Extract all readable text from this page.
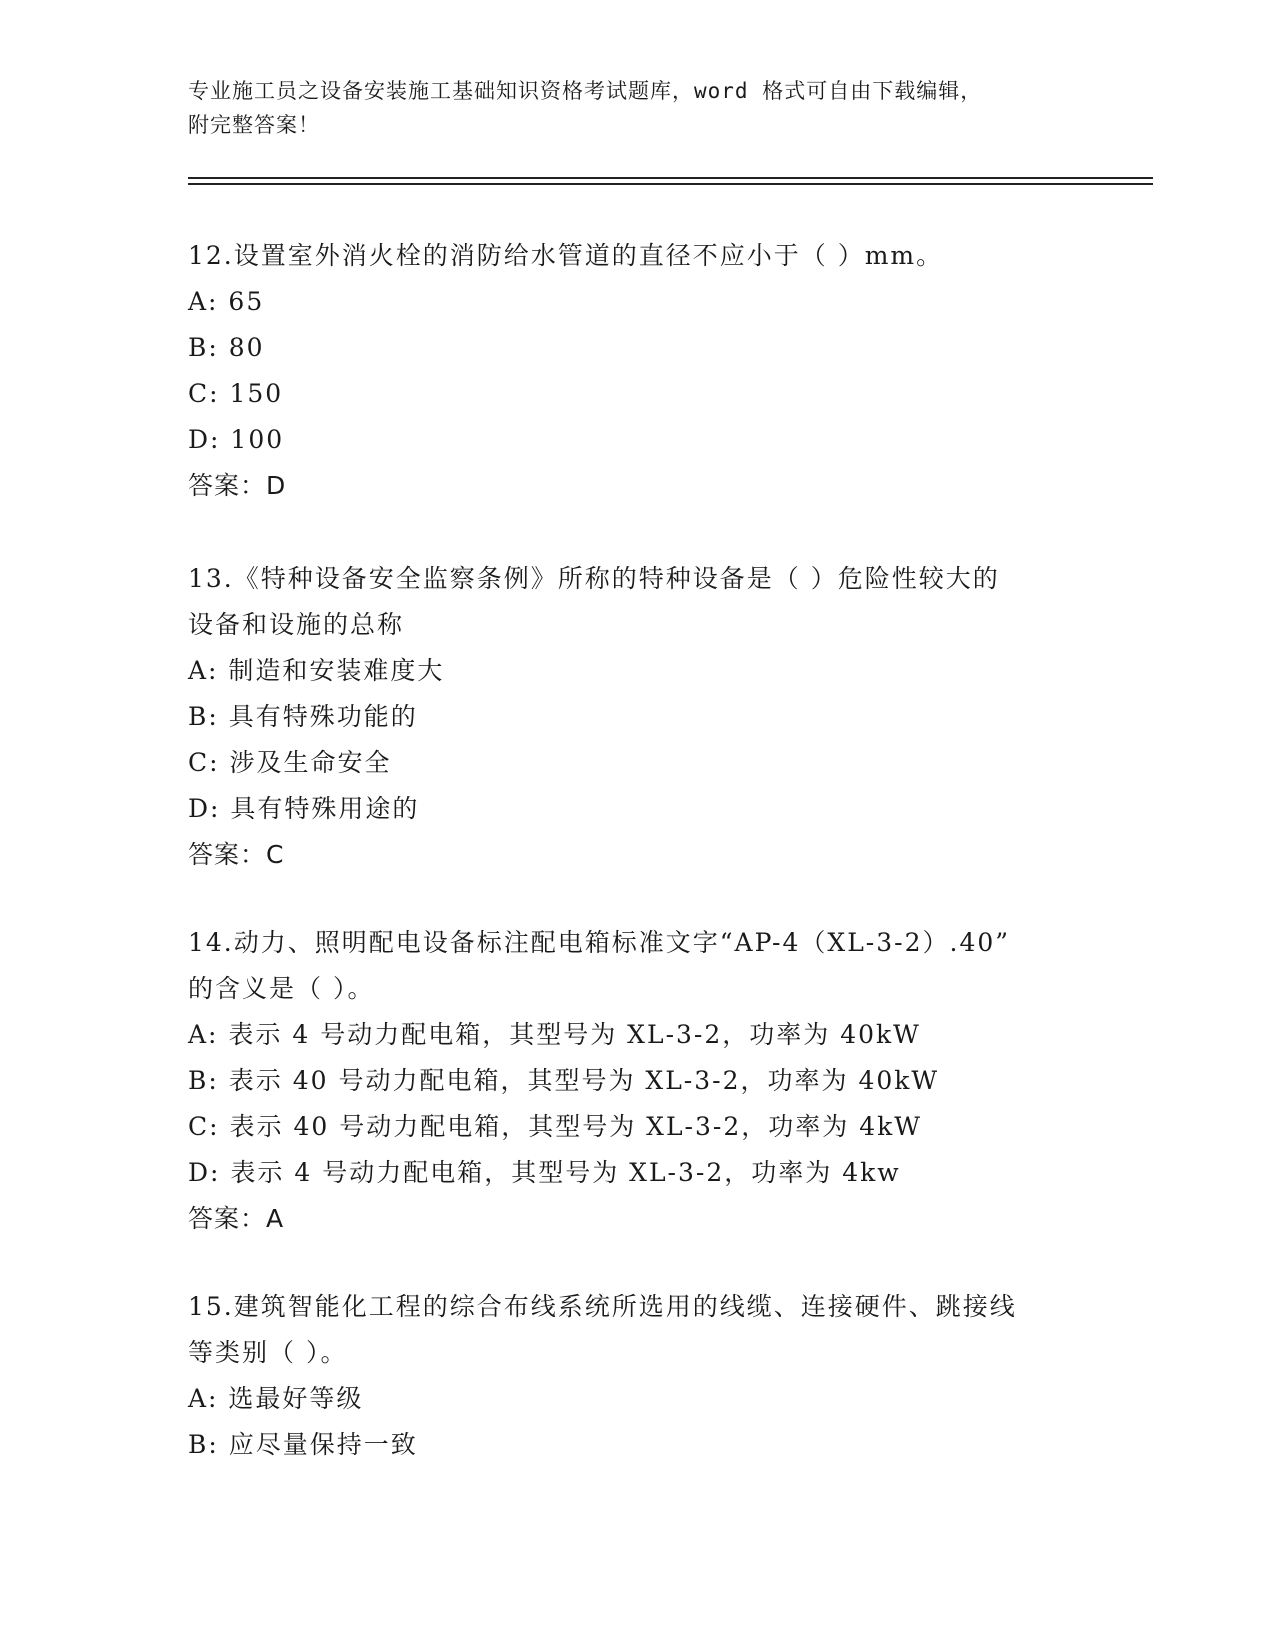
专业施工员之设备安装施工基础知识资格考试题库，word 格式可自由下载编辑，
附完整答案！
12.设置室外消火栓的消防给水管道的直径不应小于（ ）mm。
A: 65
B: 80
C: 150
D: 100
答案：D
13.《特种设备安全监察条例》所称的特种设备是（ ）危险性较大的
设备和设施的总称
A: 制造和安装难度大
B: 具有特殊功能的
C: 涉及生命安全
D: 具有特殊用途的
答案：C
14.动力、照明配电设备标注配电箱标准文字“AP-4（XL-3-2）.40”
的含义是（ ）。
A: 表示 4 号动力配电箱，其型号为 XL-3-2，功率为 40kW
B: 表示 40 号动力配电箱，其型号为 XL-3-2，功率为 40kW
C: 表示 40 号动力配电箱，其型号为 XL-3-2，功率为 4kW
D: 表示 4 号动力配电箱，其型号为 XL-3-2，功率为 4kw
答案：A
15.建筑智能化工程的综合布线系统所选用的线缆、连接硬件、跳接线
等类别（ ）。
A: 选最好等级
B: 应尽量保持一致
